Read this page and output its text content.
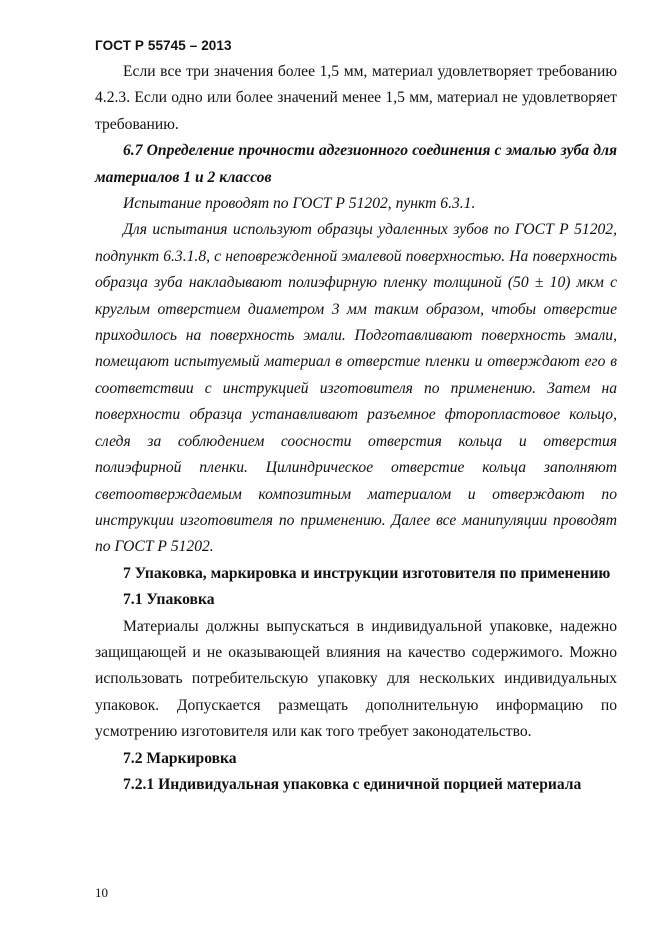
ГОСТ Р 55745 – 2013

Если все три значения более 1,5 мм, материал удовлетворяет требованию 4.2.3. Если одно или более значений менее 1,5 мм, материал не удовлетворяет требованию.

6.7 Определение прочности адгезионного соединения с эмалью зуба для материалов 1 и 2 классов

Испытание проводят по ГОСТ Р 51202, пункт 6.3.1.

Для испытания используют образцы удаленных зубов по ГОСТ Р 51202, подпункт 6.3.1.8, с неповрежденной эмалевой поверхностью. На поверхность образца зуба накладывают полиэфирную пленку толщиной (50 ± 10) мкм с круглым отверстием диаметром 3 мм таким образом, чтобы отверстие приходилось на поверхность эмали. Подготавливают поверхность эмали, помещают испытуемый материал в отверстие пленки и отверждают его в соответствии с инструкцией изготовителя по применению. Затем на поверхности образца устанавливают разъемное фторопластовое кольцо, следя за соблюдением соосности отверстия кольца и отверстия полиэфирной пленки. Цилиндрическое отверстие кольца заполняют светоотверждаемым композитным материалом и отверждают по инструкции изготовителя по применению. Далее все манипуляции проводят по ГОСТ Р 51202.

7 Упаковка, маркировка и инструкции изготовителя по применению

7.1 Упаковка

Материалы должны выпускаться в индивидуальной упаковке, надежно защищающей и не оказывающей влияния на качество содержимого. Можно использовать потребительскую упаковку для нескольких индивидуальных упаковок. Допускается размещать дополнительную информацию по усмотрению изготовителя или как того требует законодательство.

7.2 Маркировка

7.2.1 Индивидуальная упаковка с единичной порцией материала

10
